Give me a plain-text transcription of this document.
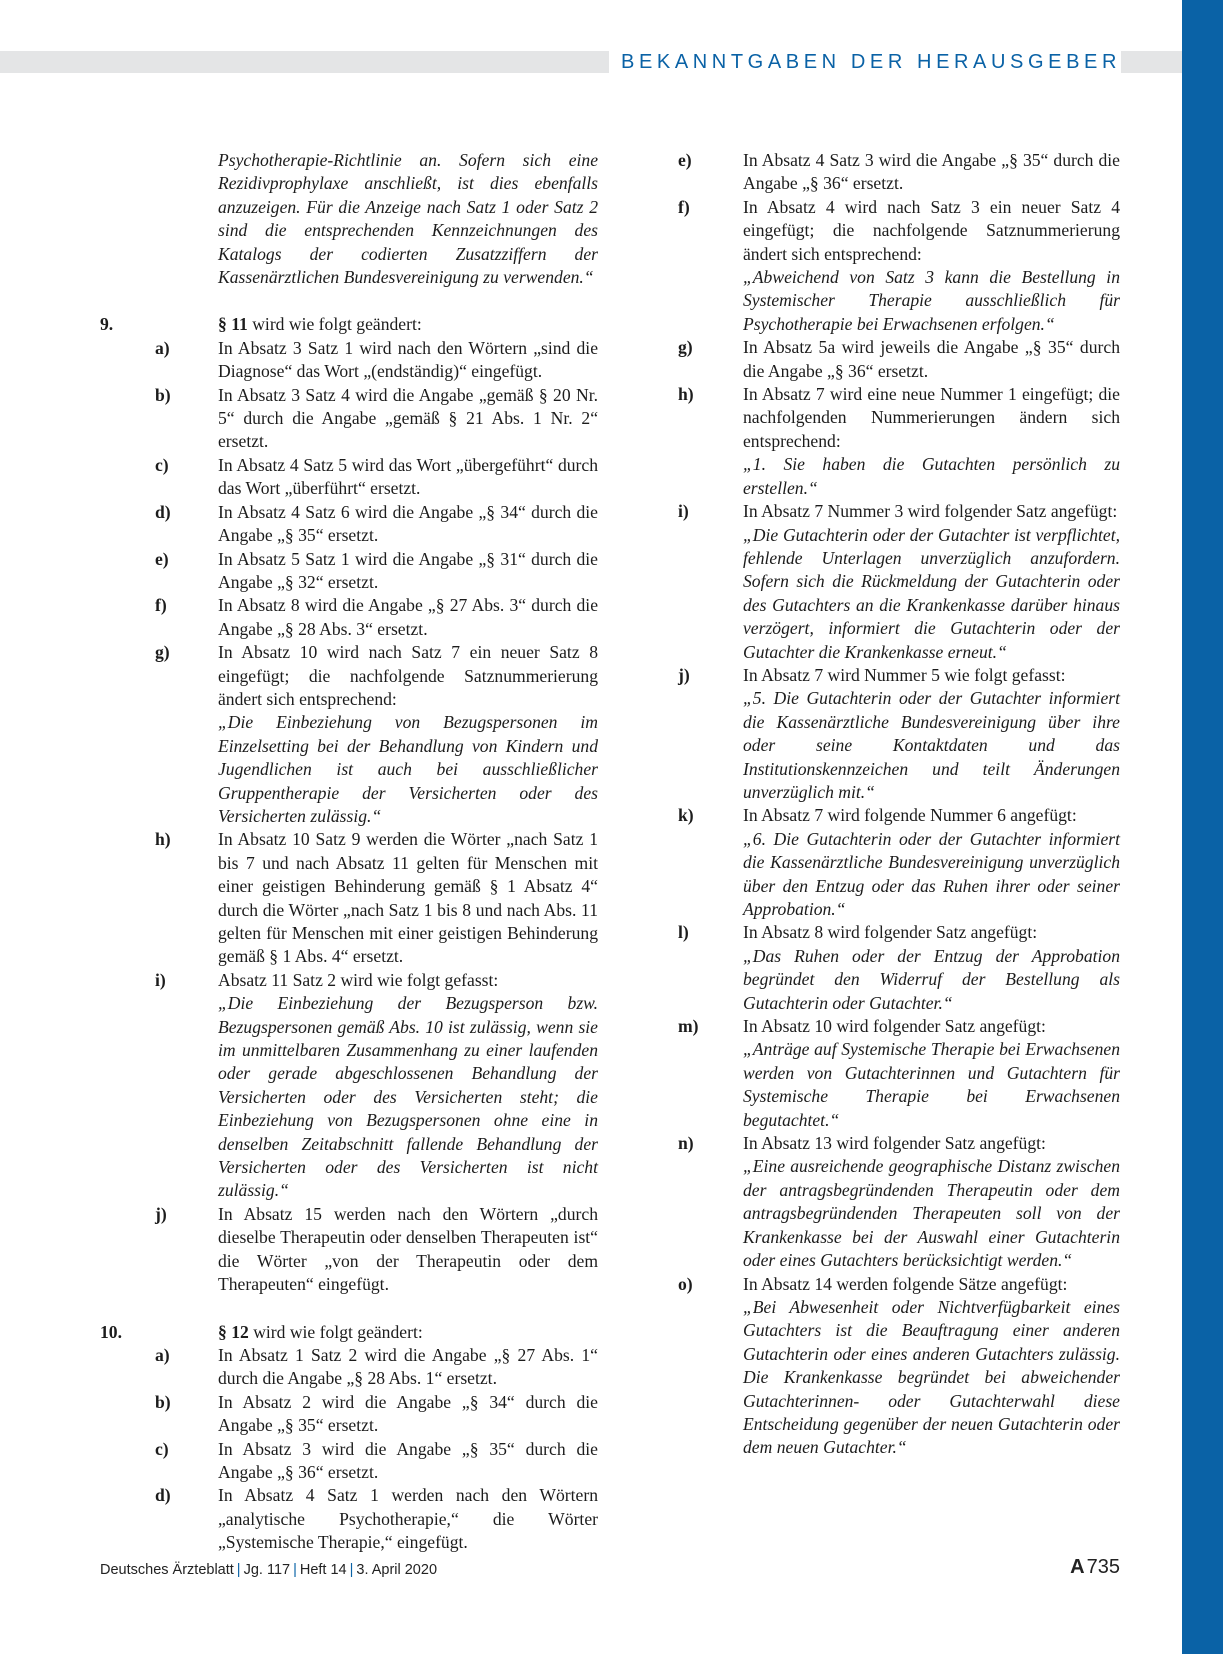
BEKANNTGABEN DER HERAUSGEBER
Psychotherapie-Richtlinie an. Sofern sich eine Rezidivprophylaxe anschließt, ist dies ebenfalls anzuzeigen. Für die Anzeige nach Satz 1 oder Satz 2 sind die entsprechenden Kennzeichnungen des Katalogs der codierten Zusatzziffern der Kassenärztlichen Bundesvereinigung zu verwenden.“
9.	§ 11 wird wie folgt geändert:
a)	In Absatz 3 Satz 1 wird nach den Wörtern „sind die Diagnose“ das Wort „(endständig)“ eingefügt.
b)	In Absatz 3 Satz 4 wird die Angabe „gemäß § 20 Nr. 5“ durch die Angabe „gemäß § 21 Abs. 1 Nr. 2“ ersetzt.
c)	In Absatz 4 Satz 5 wird das Wort „übergeführt“ durch das Wort „überführt“ ersetzt.
d)	In Absatz 4 Satz 6 wird die Angabe „§ 34“ durch die Angabe „§ 35“ ersetzt.
e)	In Absatz 5 Satz 1 wird die Angabe „§ 31“ durch die Angabe „§ 32“ ersetzt.
f)	In Absatz 8 wird die Angabe „§ 27 Abs. 3“ durch die Angabe „§ 28 Abs. 3“ ersetzt.
g)	In Absatz 10 wird nach Satz 7 ein neuer Satz 8 eingefügt; die nachfolgende Satznummerierung ändert sich entsprechend:
„Die Einbeziehung von Bezugspersonen im Einzelsetting bei der Behandlung von Kindern und Jugendlichen ist auch bei ausschließlicher Gruppentherapie der Versicherten oder des Versicherten zulässig.“
h)	In Absatz 10 Satz 9 werden die Wörter „nach Satz 1 bis 7 und nach Absatz 11 gelten für Menschen mit einer geistigen Behinderung gemäß § 1 Absatz 4“ durch die Wörter „nach Satz 1 bis 8 und nach Abs. 11 gelten für Menschen mit einer geistigen Behinderung gemäß § 1 Abs. 4“ ersetzt.
i)	Absatz 11 Satz 2 wird wie folgt gefasst:
„Die Einbeziehung der Bezugsperson bzw. Bezugspersonen gemäß Abs. 10 ist zulässig, wenn sie im unmittelbaren Zusammenhang zu einer laufenden oder gerade abgeschlossenen Behandlung der Versicherten oder des Versicherten steht; die Einbeziehung von Bezugspersonen ohne eine in denselben Zeitabschnitt fallende Behandlung der Versicherten oder des Versicherten ist nicht zulässig.“
j)	In Absatz 15 werden nach den Wörtern „durch dieselbe Therapeutin oder denselben Therapeuten ist“ die Wörter „von der Therapeutin oder dem Therapeuten“ eingefügt.
10.	§ 12 wird wie folgt geändert:
a)	In Absatz 1 Satz 2 wird die Angabe „§ 27 Abs. 1“ durch die Angabe „§ 28 Abs. 1“ ersetzt.
b)	In Absatz 2 wird die Angabe „§ 34“ durch die Angabe „§ 35“ ersetzt.
c)	In Absatz 3 wird die Angabe „§ 35“ durch die Angabe „§ 36“ ersetzt.
d)	In Absatz 4 Satz 1 werden nach den Wörtern „analytische Psychotherapie,“ die Wörter „Systemische Therapie,“ eingefügt.
e)	In Absatz 4 Satz 3 wird die Angabe „§ 35“ durch die Angabe „§ 36“ ersetzt.
f)	In Absatz 4 wird nach Satz 3 ein neuer Satz 4 eingefügt; die nachfolgende Satznummerierung ändert sich entsprechend:
„Abweichend von Satz 3 kann die Bestellung in Systemischer Therapie ausschließlich für Psychotherapie bei Erwachsenen erfolgen.“
g)	In Absatz 5a wird jeweils die Angabe „§ 35“ durch die Angabe „§ 36“ ersetzt.
h)	In Absatz 7 wird eine neue Nummer 1 eingefügt; die nachfolgenden Nummerierungen ändern sich entsprechend:
„1. Sie haben die Gutachten persönlich zu erstellen.“
i)	In Absatz 7 Nummer 3 wird folgender Satz angefügt:
„Die Gutachterin oder der Gutachter ist verpflichtet, fehlende Unterlagen unverzüglich anzufordern. Sofern sich die Rückmeldung der Gutachterin oder des Gutachters an die Krankenkasse darüber hinaus verzögert, informiert die Gutachterin oder der Gutachter die Krankenkasse erneut.“
j)	In Absatz 7 wird Nummer 5 wie folgt gefasst:
„5. Die Gutachterin oder der Gutachter informiert die Kassenärztliche Bundesvereinigung über ihre oder seine Kontaktdaten und das Institutionskennzeichen und teilt Änderungen unverzüglich mit.“
k)	In Absatz 7 wird folgende Nummer 6 angefügt:
„6. Die Gutachterin oder der Gutachter informiert die Kassenärztliche Bundesvereinigung unverzüglich über den Entzug oder das Ruhen ihrer oder seiner Approbation.“
l)	In Absatz 8 wird folgender Satz angefügt:
„Das Ruhen oder der Entzug der Approbation begründet den Widerruf der Bestellung als Gutachterin oder Gutachter.“
m)	In Absatz 10 wird folgender Satz angefügt:
„Anträge auf Systemische Therapie bei Erwachsenen werden von Gutachterinnen und Gutachtern für Systemische Therapie bei Erwachsenen begutachtet.“
n)	In Absatz 13 wird folgender Satz angefügt:
„Eine ausreichende geographische Distanz zwischen der antragsbegründenden Therapeutin oder dem antragsbegründenden Therapeuten soll von der Krankenkasse bei der Auswahl einer Gutachterin oder eines Gutachters berücksichtigt werden.“
o)	In Absatz 14 werden folgende Sätze angefügt:
„Bei Abwesenheit oder Nichtverfügbarkeit eines Gutachters ist die Beauftragung einer anderen Gutachterin oder eines anderen Gutachters zulässig. Die Krankenkasse begründet bei abweichender Gutachterinnen- oder Gutachterwahl diese Entscheidung gegenüber der neuen Gutachterin oder dem neuen Gutachter.“
Deutsches Ärzteblatt | Jg. 117 | Heft 14 | 3. April 2020	A 735
